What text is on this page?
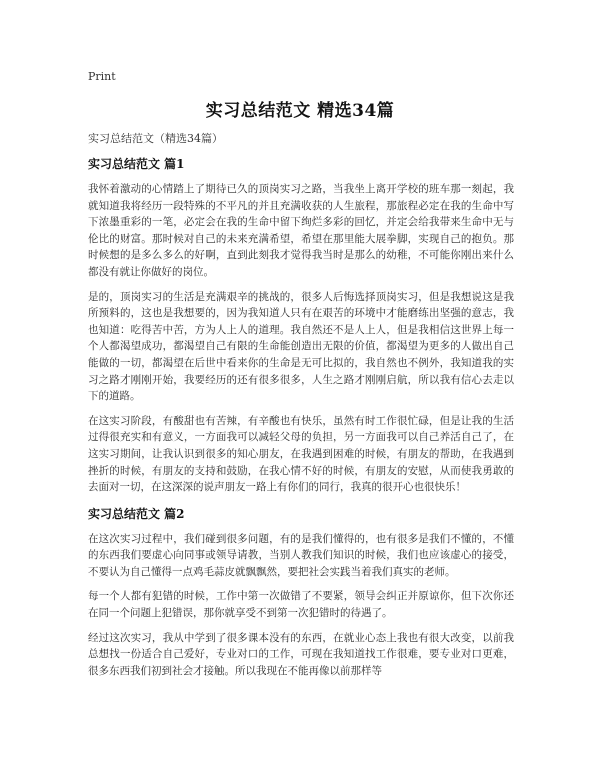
Print
实习总结范文 精选34篇
实习总结范文（精选34篇）
实习总结范文 篇1

我怀着激动的心情踏上了期待已久的顶岗实习之路，当我坐上离开学校的班车那一刻起，我就知道我将经历一段特殊的不平凡的并且充满收获的人生旅程，那旅程必定在我的生命中写下浓墨重彩的一笔，必定会在我的生命中留下绚烂多彩的回忆，并定会给我带来生命中无与伦比的财富。那时候对自己的未来充满希望，希望在那里能大展拳脚，实现自己的抱负。那时候想的是多么多么的好啊，直到此刻我才觉得我当时是那么的幼稚，不可能你刚出来什么都没有就让你做好的岗位。

是的，顶岗实习的生活是充满艰辛的挑战的，很多人后悔选择顶岗实习，但是我想说这是我所预料的，这也是我想要的，因为我知道人只有在艰苦的环境中才能磨练出坚强的意志，我也知道：吃得苦中苦，方为人上人的道理。我自然还不是人上人，但是我相信这世界上每一个人都渴望成功，都渴望自己有限的生命能创造出无限的价值，都渴望为更多的人做出自己能做的一切，都渴望在后世中看来你的生命是无可比拟的，我自然也不例外，我知道我的实习之路才刚刚开始，我要经历的还有很多很多，人生之路才刚刚启航，所以我有信心去走以下的道路。

在这实习阶段，有酸甜也有苦辣，有辛酸也有快乐，虽然有时工作很忙碌，但是让我的生活过得很充实和有意义，一方面我可以减轻父母的负担，另一方面我可以自己养活自己了，在这实习期间，让我认识到很多的知心朋友，在我遇到困难的时候，有朋友的帮助，在我遇到挫折的时候，有朋友的支持和鼓励，在我心情不好的时候，有朋友的安慰，从而使我勇敢的去面对一切，在这深深的说声朋友一路上有你们的同行，我真的很开心也很快乐！

实习总结范文 篇2

在这次实习过程中，我们碰到很多问题，有的是我们懂得的，也有很多是我们不懂的，不懂的东西我们要虚心向同事或领导请教，当别人教我们知识的时候，我们也应该虚心的接受，不要认为自己懂得一点鸡毛蒜皮就飘飘然，要把社会实践当着我们真实的老师。

每一个人都有犯错的时候，工作中第一次做错了不要紧，领导会纠正并原谅你，但下次你还在同一个问题上犯错误，那你就享受不到第一次犯错时的待遇了。

经过这次实习，我从中学到了很多课本没有的东西，在就业心态上我也有很大改变，以前我总想找一份适合自己爱好，专业对口的工作，可现在我知道找工作很难，要专业对口更难，很多东西我们初到社会才接触。所以我现在不能再像以前那样等
